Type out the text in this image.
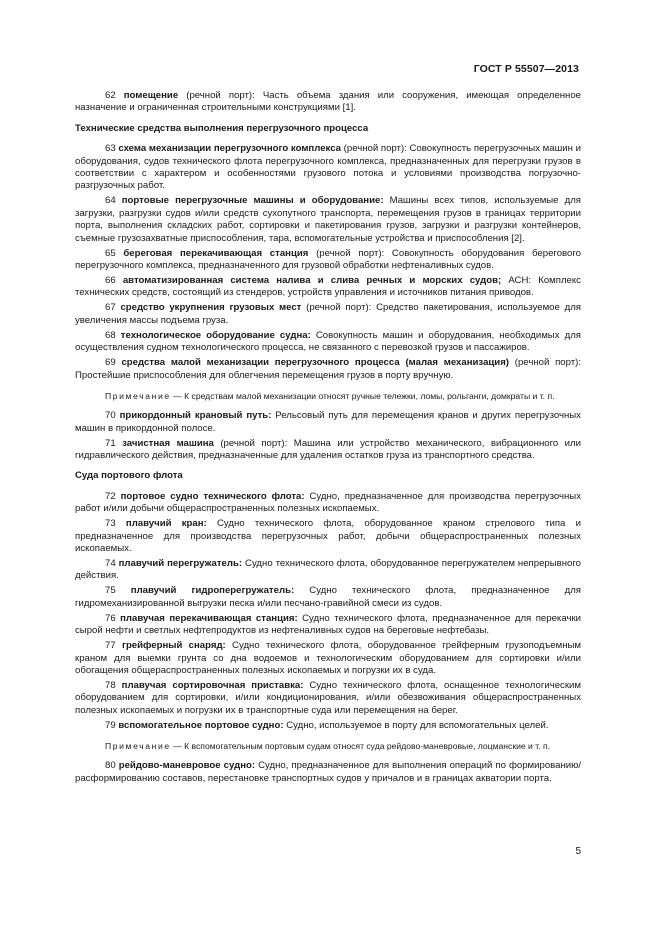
ГОСТ Р 55507—2013

62 помещение (речной порт): Часть объема здания или сооружения, имеющая определенное назначение и ограниченная строительными конструкциями [1].

Технические средства выполнения перегрузочного процесса

63 схема механизации перегрузочного комплекса (речной порт): Совокупность перегрузочных машин и оборудования, судов технического флота перегрузочного комплекса, предназначенных для перегрузки грузов в соответствии с характером и особенностями грузового потока и условиями производства погрузочно-разгрузочных работ.

64 портовые перегрузочные машины и оборудование: Машины всех типов, используемые для загрузки, разгрузки судов и/или средств сухопутного транспорта, перемещения грузов в границах территории порта, выполнения складских работ, сортировки и пакетирования грузов, загрузки и разгрузки контейнеров, съемные грузозахватные приспособления, тара, вспомогательные устройства и приспособления [2].

65 береговая перекачивающая станция (речной порт): Совокупность оборудования берегового перегрузочного комплекса, предназначенного для грузовой обработки нефтеналивных судов.

66 автоматизированная система налива и слива речных и морских судов; АСН: Комплекс технических средств, состоящий из стендеров, устройств управления и источников питания приводов.

67 средство укрупнения грузовых мест (речной порт): Средство пакетирования, используемое для увеличения массы подъема груза.

68 технологическое оборудование судна: Совокупность машин и оборудования, необходимых для осуществления судном технологического процесса, не связанного с перевозкой грузов и пассажиров.

69 средства малой механизации перегрузочного процесса (малая механизация) (речной порт): Простейшие приспособления для облегчения перемещения грузов в порту вручную.

Примечание — К средствам малой механизации относят ручные тележки, ломы, рольганги, домкраты и т. п.

70 прикордонный крановый путь: Рельсовый путь для перемещения кранов и других перегрузочных машин в прикордонной полосе.

71 зачистная машина (речной порт): Машина или устройство механического, вибрационного или гидравлического действия, предназначенные для удаления остатков груза из транспортного средства.

Суда портового флота

72 портовое судно технического флота: Судно, предназначенное для производства перегрузочных работ и/или добычи общераспространенных полезных ископаемых.

73 плавучий кран: Судно технического флота, оборудованное краном стрелового типа и предназначенное для производства перегрузочных работ, добычи общераспространенных полезных ископаемых.

74 плавучий перегружатель: Судно технического флота, оборудованное перегружателем непрерывного действия.

75 плавучий гидроперегружатель: Судно технического флота, предназначенное для гидромеханизированной выгрузки песка и/или песчано-гравийной смеси из судов.

76 плавучая перекачивающая станция: Судно технического флота, предназначенное для перекачки сырой нефти и светлых нефтепродуктов из нефтеналивных судов на береговые нефтебазы.

77 грейферный снаряд: Судно технического флота, оборудованное грейферным грузоподъемным краном для выемки грунта со дна водоемов и технологическим оборудованием для сортировки и/или обогащения общераспространенных полезных ископаемых и погрузки их в суда.

78 плавучая сортировочная приставка: Судно технического флота, оснащенное технологическим оборудованием для сортировки, и/или кондиционирования, и/или обезвоживания общераспространенных полезных ископаемых и погрузки их в транспортные суда или перемещения на берег.

79 вспомогательное портовое судно: Судно, используемое в порту для вспомогательных целей.

Примечание — К вспомогательным портовым судам относят суда рейдово-маневровые, лоцманские и т. п.

80 рейдово-маневровое судно: Судно, предназначенное для выполнения операций по формированию/расформированию составов, перестановке транспортных судов у причалов и в границах акватории порта.

5
